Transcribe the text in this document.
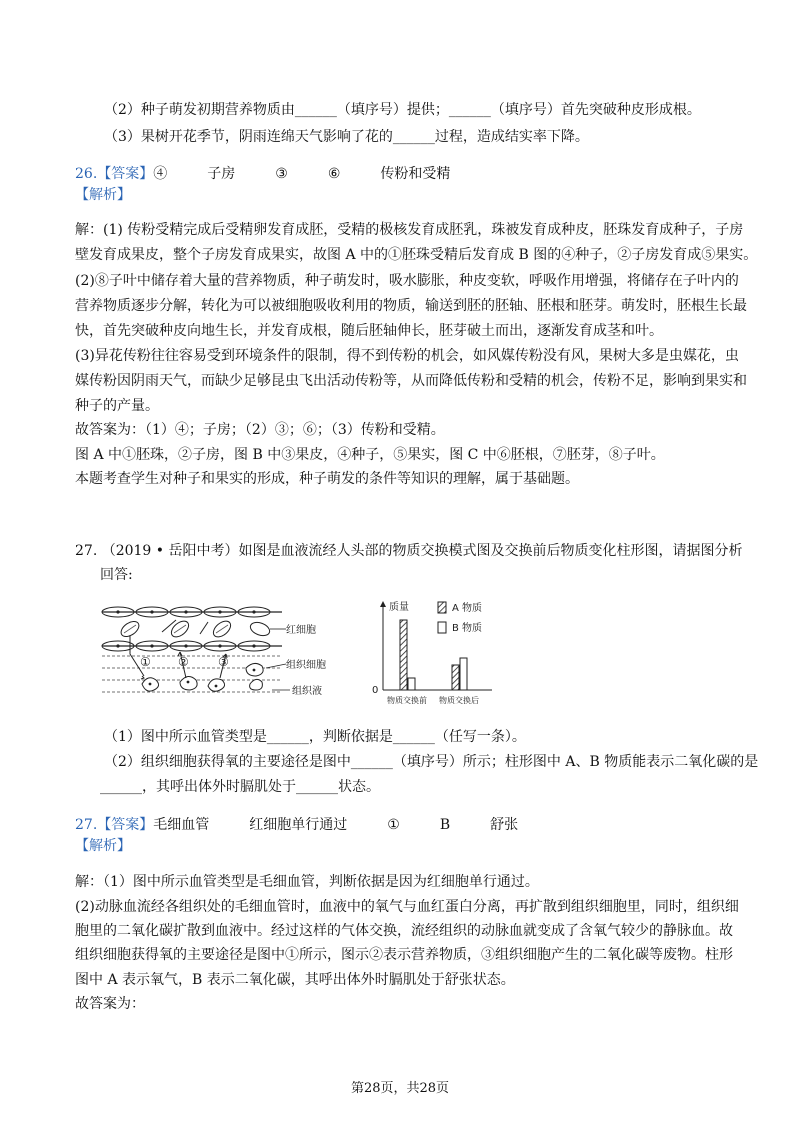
（2）种子萌发初期营养物质由______（填序号）提供；______（填序号）首先突破种皮形成根。
（3）果树开花季节，阴雨连绵天气影响了花的______过程，造成结实率下降。
26.【答案】④	子房	③	⑥	传粉和受精
【解析】
解：(1) 传粉受精完成后受精卵发育成胚，受精的极核发育成胚乳，珠被发育成种皮，胚珠发育成种子，子房
壁发育成果皮，整个子房发育成果实，故图 A 中的①胚珠受精后发育成 B 图的④种子，②子房发育成⑤果实。
(2)⑧子叶中储存着大量的营养物质，种子萌发时，吸水膨胀，种皮变软，呼吸作用增强，将储存在子叶内的
营养物质逐步分解，转化为可以被细胞吸收利用的物质，输送到胚的胚轴、胚根和胚芽。萌发时，胚根生长最
快，首先突破种皮向地生长，并发育成根，随后胚轴伸长，胚芽破土而出，逐渐发育成茎和叶。
(3)异花传粉往往容易受到环境条件的限制，得不到传粉的机会，如风媒传粉没有风，果树大多是虫媒花，虫
媒传粉因阴雨天气，而缺少足够昆虫飞出活动传粉等，从而降低传粉和受精的机会，传粉不足，影响到果实和
种子的产量。
故答案为：（1）④；子房；（2）③；⑥；（3）传粉和受精。
图 A 中①胚珠，②子房，图 B 中③果皮，④种子，⑤果实，图 C 中⑥胚根，⑦胚芽，⑧子叶。
本题考查学生对种子和果实的形成，种子萌发的条件等知识的理解，属于基础题。
27. （2019 • 岳阳中考）如图是血液流经人头部的物质交换模式图及交换前后物质变化柱形图，请据图分析
回答:
红细胞
① ② ③	组织细胞
组织液
质量
0
A 物质
B 物质
物质交换前 物质交换后
（1）图中所示血管类型是______，判断依据是______（任写一条）。
（2）组织细胞获得氧的主要途径是图中______（填序号）所示；柱形图中 A、B 物质能表示二氧化碳的是
______，其呼出体外时膈肌处于______状态。
27.【答案】毛细血管	红细胞单行通过	①	B	舒张
【解析】
解：（1）图中所示血管类型是毛细血管，判断依据是因为红细胞单行通过。
(2)动脉血流经各组织处的毛细血管时，血液中的氧气与血红蛋白分离，再扩散到组织细胞里，同时，组织细
胞里的二氧化碳扩散到血液中。经过这样的气体交换，流经组织的动脉血就变成了含氧气较少的静脉血。故
组织细胞获得氧的主要途径是图中①所示，图示②表示营养物质，③组织细胞产生的二氧化碳等废物。柱形
图中 A 表示氧气，B 表示二氧化碳，其呼出体外时膈肌处于舒张状态。
故答案为：
第28页，共28页
